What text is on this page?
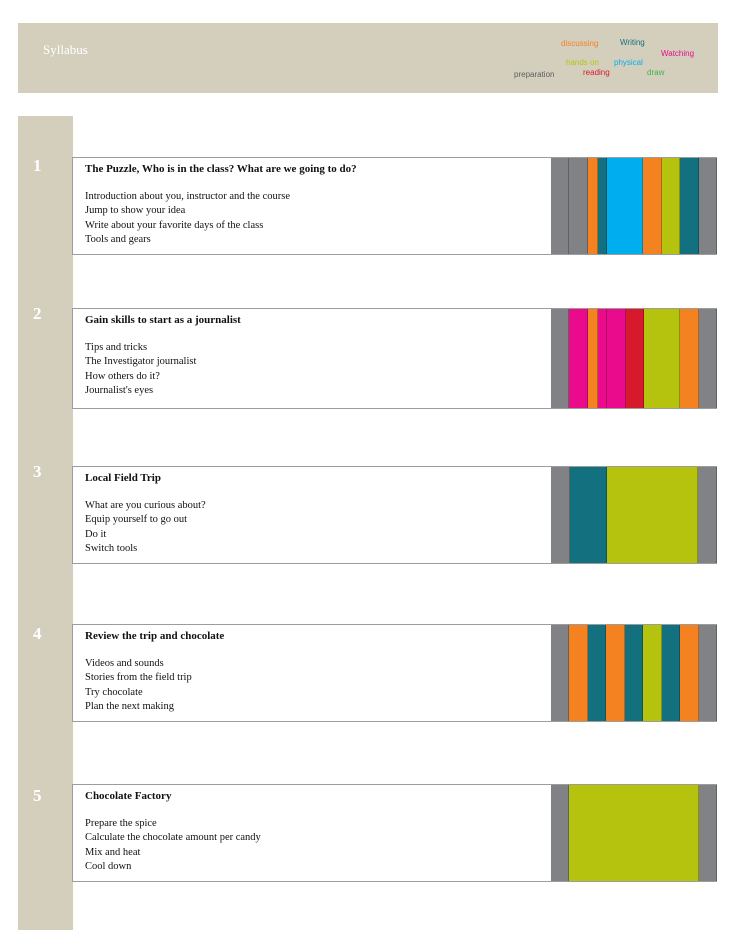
Syllabus	discussing	Writing
Watching
hands on physical
preparation	reading	draw
1	The Puzzle, Who is in the class? What are we going to do?
Introduction about you, instructor and the course
Jump to show your idea
Write about your favorite days of the class
Tools and gears
2	Gain skills to start as a journalist
Tips and tricks
The Investigator journalist
How others do it?
Journalist's eyes
3	Local Field Trip
What are you curious about?
Equip yourself to go out
Do it
Switch tools
4	Review the trip and chocolate
Videos and sounds
Stories from the field trip
Try chocolate
Plan the next making
5	Chocolate Factory
Prepare the spice
Calculate the chocolate amount per candy
Mix and heat
Cool down
